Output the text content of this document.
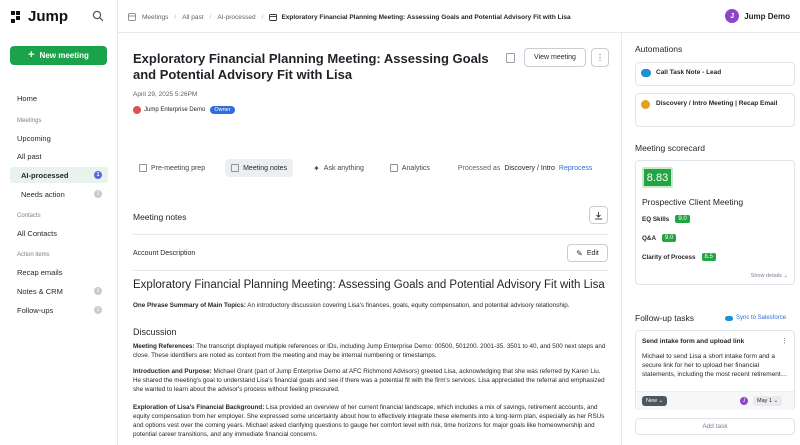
Jump
+ New meeting
Home
Meetings
Upcoming
All past
AI-processed	1
Needs action	1
Contacts
All Contacts
Action items
Recap emails
Notes & CRM	1
Follow-ups	1
Meetings / All past / AI-processed /	Exploratory Financial Planning Meeting: Assessing Goals and Potential Advisory Fit with Lisa	J	Jump Demo
Exploratory Financial Planning Meeting: Assessing Goals and Potential Advisory Fit with Lisa
View meeting	⋮
April 29, 2025 5:26PM
Jump Enterprise Demo	Owner
Pre-meeting prep	Meeting notes	✦ Ask anything	Analytics	Processed as Discovery / Intro Reprocess
Meeting notes
Account Description	✎ Edit
Exploratory Financial Planning Meeting: Assessing Goals and Potential Advisory Fit with Lisa
One Phrase Summary of Main Topics: An introductory discussion covering Lisa's finances, goals, equity compensation, and potential advisory relationship.
Discussion
Meeting References: The transcript displayed multiple references or IDs, including Jump Enterprise Demo: 00500, 501200. 2001-35. 3501 to 40, and 500 next steps and close. These identifiers are noted as context from the meeting and may be internal numbering or timestamps.
Introduction and Purpose: Michael Grant (part of Jump Enterprise Demo at AFC Richmond Advisors) greeted Lisa, acknowledging that she was referred by Karen Liu. He shared the meeting's goal to understand Lisa's financial goals and see if there was a potential fit with the firm's services. Lisa appreciated the referral and emphasized she wanted to learn about the advisor's process without feeling pressured.
Exploration of Lisa's Financial Background: Lisa provided an overview of her current financial landscape, which includes a mix of savings, retirement accounts, and equity compensation from her employer. She expressed some uncertainty about how to effectively integrate these elements into a long-term plan, especially as her RSUs and options vest over the coming years. Michael asked clarifying questions to gauge her comfort level with risk, time horizons for major goals like homeownership and potential career transitions, and any immediate financial concerns.
Automations
Call Task Note - Lead
Discovery / Intro Meeting | Recap Email
Meeting scorecard
8.83
Prospective Client Meeting
EQ Skills	9.0
Q&A	9.0
Clarity of Process	8.5
Show details ⌄
Follow-up tasks	Sync to Salesforce
Send intake form and upload link	⋮
Michael to send Lisa a short intake form and a secure link for her to upload her financial statements, including the most recent retirement…
New ⌄	J	May 1 ⌄
Add task
